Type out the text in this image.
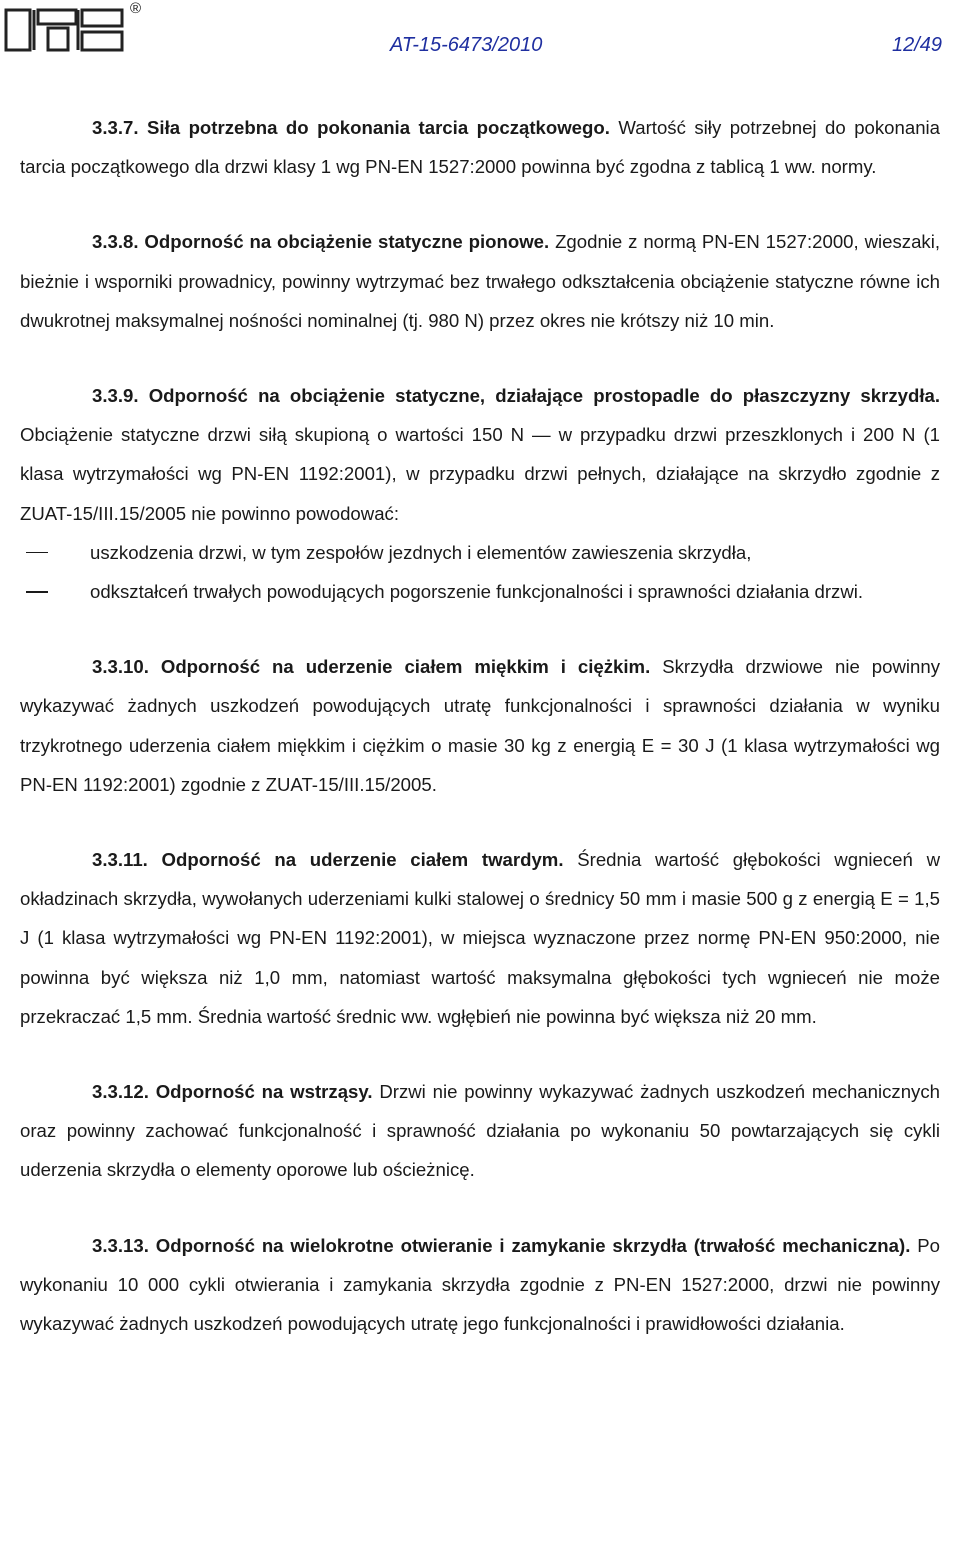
®
AT-15-6473/2010	12/49

3.3.7. Siła potrzebna do pokonania tarcia początkowego. Wartość siły potrzebnej do pokonania tarcia początkowego dla drzwi klasy 1 wg PN-EN 1527:2000 powinna być zgodna z tablicą 1 ww. normy.

3.3.8. Odporność na obciążenie statyczne pionowe. Zgodnie z normą PN-EN 1527:2000, wieszaki, bieżnie i wsporniki prowadnicy, powinny wytrzymać bez trwałego odkształcenia obciążenie statyczne równe ich dwukrotnej maksymalnej nośności nominalnej (tj. 980 N) przez okres nie krótszy niż 10 min.

3.3.9. Odporność na obciążenie statyczne, działające prostopadle do płaszczyzny skrzydła. Obciążenie statyczne drzwi siłą skupioną o wartości 150 N — w przypadku drzwi przeszklonych i 200 N (1 klasa wytrzymałości wg PN-EN 1192:2001), w przypadku drzwi pełnych, działające na skrzydło zgodnie z ZUAT-15/III.15/2005 nie powinno powodować:

uszkodzenia drzwi, w tym zespołów jezdnych i elementów zawieszenia skrzydła,
odkształceń trwałych powodujących pogorszenie funkcjonalności i sprawności działania drzwi.

3.3.10. Odporność na uderzenie ciałem miękkim i ciężkim. Skrzydła drzwiowe nie powinny wykazywać żadnych uszkodzeń powodujących utratę funkcjonalności i sprawności działania w wyniku trzykrotnego uderzenia ciałem miękkim i ciężkim o masie 30 kg z energią E = 30 J (1 klasa wytrzymałości wg PN-EN 1192:2001) zgodnie z ZUAT-15/III.15/2005.

3.3.11. Odporność na uderzenie ciałem twardym. Średnia wartość głębokości wgnieceń w okładzinach skrzydła, wywołanych uderzeniami kulki stalowej o średnicy 50 mm i masie 500 g z energią E = 1,5 J (1 klasa wytrzymałości wg PN-EN 1192:2001), w miejsca wyznaczone przez normę PN-EN 950:2000, nie powinna być większa niż 1,0 mm, natomiast wartość maksymalna głębokości tych wgnieceń nie może przekraczać 1,5 mm. Średnia wartość średnic ww. wgłębień nie powinna być większa niż 20 mm.

3.3.12. Odporność na wstrząsy. Drzwi nie powinny wykazywać żadnych uszkodzeń mechanicznych oraz powinny zachować funkcjonalność i sprawność działania po wykonaniu 50 powtarzających się cykli uderzenia skrzydła o elementy oporowe lub ościeżnicę.

3.3.13. Odporność na wielokrotne otwieranie i zamykanie skrzydła (trwałość mechaniczna). Po wykonaniu 10 000 cykli otwierania i zamykania skrzydła zgodnie z PN-EN 1527:2000, drzwi nie powinny wykazywać żadnych uszkodzeń powodujących utratę jego funkcjonalności i prawidłowości działania.
